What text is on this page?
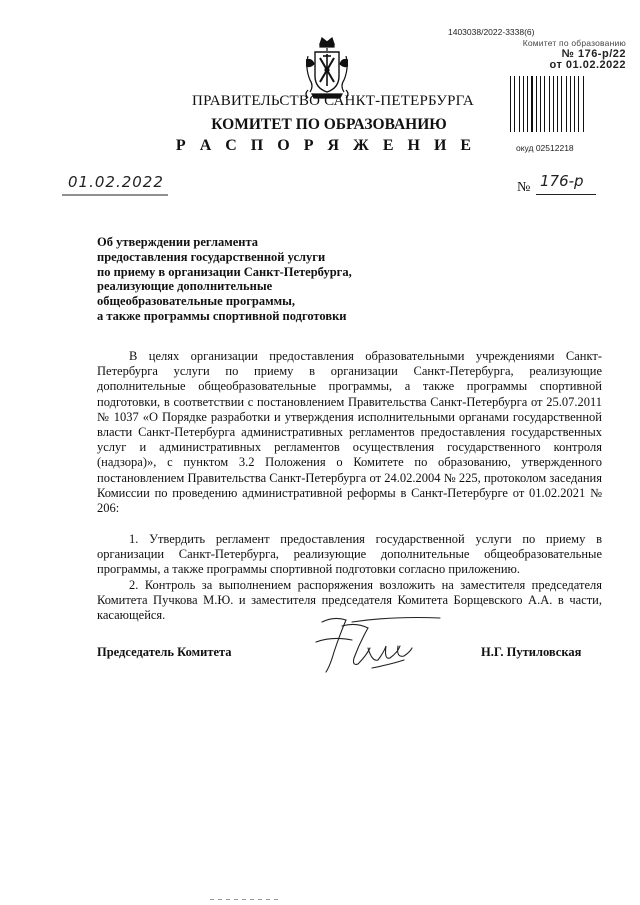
1403038/2022-3338(6)
Комитет по образованию
№ 176-р/22
от 01.02.2022
ПРАВИТЕЛЬСТВО САНКТ-ПЕТЕРБУРГА
КОМИТЕТ ПО ОБРАЗОВАНИЮ
Р А С П О Р Я Ж Е Н И Е	окуд 02512218
01.02.2022	№ 176-р
Об утверждении регламента
предоставления государственной услуги
по приему в организации Санкт-Петербурга,
реализующие дополнительные
общеобразовательные программы,
а также программы спортивной подготовки

В целях организации предоставления образовательными учреждениями Санкт-Петербурга услуги по приему в организации Санкт-Петербурга, реализующие дополнительные общеобразовательные программы, а также программы спортивной подготовки, в соответствии с постановлением Правительства Санкт-Петербурга от 25.07.2011 № 1037 «О Порядке разработки и утверждения исполнительными органами государственной власти Санкт-Петербурга административных регламентов предоставления государственных услуг и административных регламентов осуществления государственного контроля (надзора)», с пунктом 3.2 Положения о Комитете по образованию, утвержденного постановлением Правительства Санкт-Петербурга от 24.02.2004 № 225, протоколом заседания Комиссии по проведению административной реформы в Санкт-Петербурге от 01.02.2021 № 206:

1. Утвердить регламент предоставления государственной услуги по приему в организации Санкт-Петербурга, реализующие дополнительные общеобразовательные программы, а также программы спортивной подготовки согласно приложению.

2. Контроль за выполнением распоряжения возложить на заместителя председателя Комитета Пучкова М.Ю. и заместителя председателя Комитета Борщевского А.А. в части, касающейся.

Председатель Комитета	Н.Г. Путиловская
